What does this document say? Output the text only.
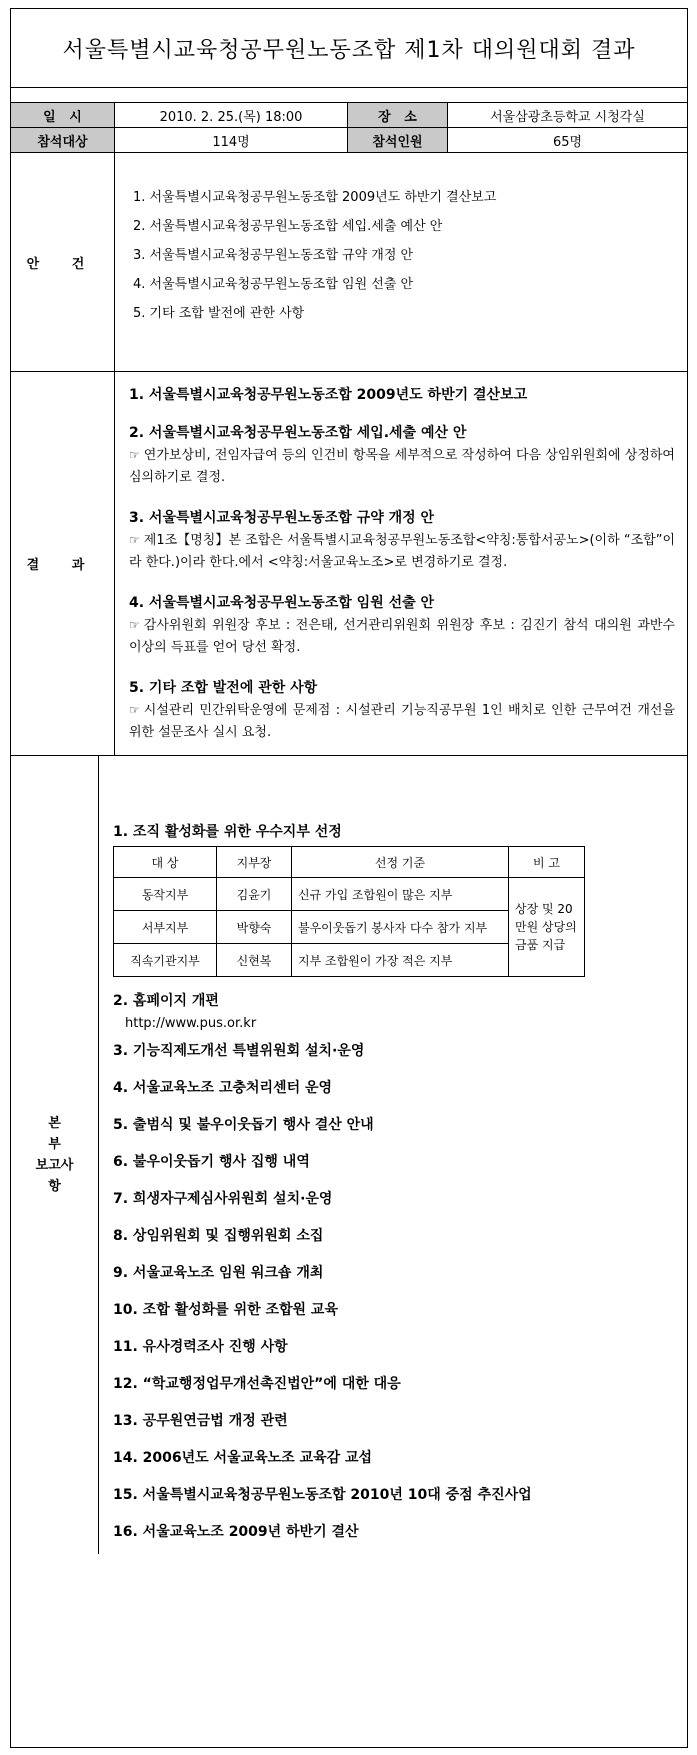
서울특별시교육청공무원노동조합 제1차 대의원대회 결과
일   시	2010. 2. 25.(목) 18:00	장   소	서울삼광초등학교 시청각실
참석대상	114명	참석인원	65명
안 건
1. 서울특별시교육청공무원노동조합 2009년도 하반기 결산보고
2. 서울특별시교육청공무원노동조합 세입.세출 예산 안
3. 서울특별시교육청공무원노동조합 규약 개정 안
4. 서울특별시교육청공무원노동조합 임원 선출 안
5. 기타 조합 발전에 관한 사항
결 과
1. 서울특별시교육청공무원노동조합 2009년도 하반기 결산보고
2. 서울특별시교육청공무원노동조합 세입.세출 예산 안
☞ 연가보상비, 전임자급여 등의 인건비 항목을 세부적으로 작성하여 다음 상임위원회에 상정하여 심의하기로 결정.
3. 서울특별시교육청공무원노동조합 규약 개정 안
☞ 제1조【명칭】본 조합은 서울특별시교육청공무원노동조합<약칭:통합서공노>(이하 “조합”이라 한다.)이라 한다.에서 <약칭:서울교육노조>로 변경하기로 결정.
4. 서울특별시교육청공무원노동조합 임원 선출 안
☞ 감사위원회 위원장 후보 : 전은태, 선거관리위원회 위원장 후보 : 김진기 참석 대의원 과반수 이상의 득표를 얻어 당선 확정.
5. 기타 조합 발전에 관한 사항
☞ 시설관리 민간위탁운영에 문제점 : 시설관리 기능직공무원 1인 배치로 인한 근무여건 개선을 위한 설문조사 실시 요청.
본
부
보고사
항
1. 조직 활성화를 위한 우수지부 선정
대 상	지부장	선정 기준	비 고
동작지부	김윤기	신규 가입 조합원이 많은 지부	상장 및 20만원 상당의 금품 지급
서부지부	박향숙	불우이웃돕기 봉사자 다수 참가 지부	
직속기관지부	신현복	지부 조합원이 가장 적은 지부	
2. 홈페이지 개편
http://www.pus.or.kr
3. 기능직제도개선 특별위원회 설치·운영
4. 서울교육노조 고충처리센터 운영
5. 출범식 및 불우이웃돕기 행사 결산 안내
6. 불우이웃돕기 행사 집행 내역
7. 희생자구제심사위원회 설치·운영
8. 상임위원회 및 집행위원회 소집
9. 서울교육노조 임원 워크숍 개최
10. 조합 활성화를 위한 조합원 교육
11. 유사경력조사 진행 사항
12. “학교행정업무개선촉진법안”에 대한 대응
13. 공무원연금법 개정 관련
14. 2006년도 서울교육노조 교육감 교섭
15. 서울특별시교육청공무원노동조합 2010년 10대 중점 추진사업
16. 서울교육노조 2009년 하반기 결산
